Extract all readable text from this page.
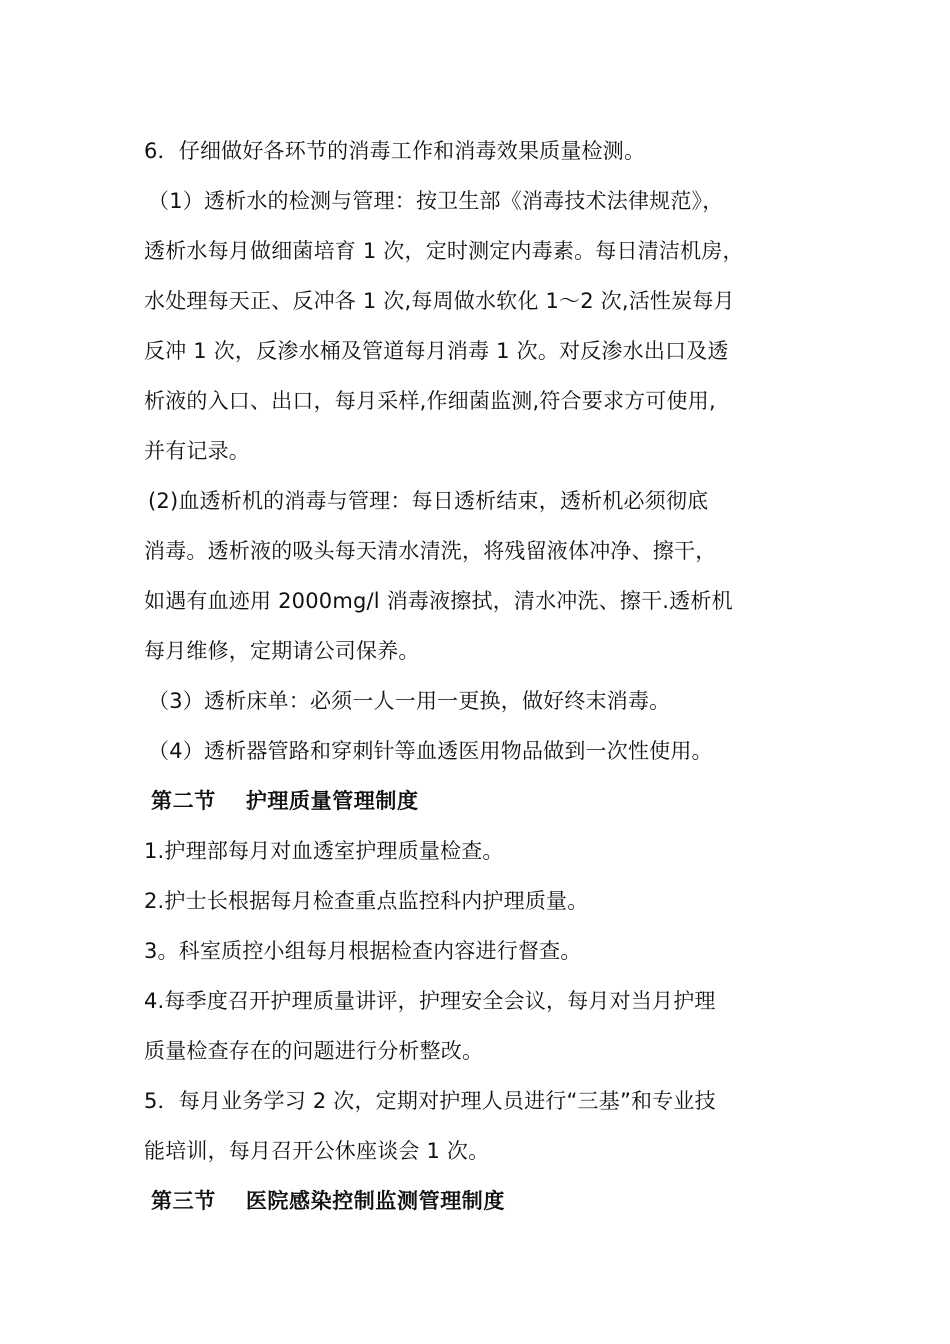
6．仔细做好各环节的消毒工作和消毒效果质量检测。
（1）透析水的检测与管理：按卫生部《消毒技术法律规范》，
透析水每月做细菌培育 1 次，定时测定内毒素。每日清洁机房，
水处理每天正、反冲各 1 次,每周做水软化 1～2 次,活性炭每月
反冲 1 次，反渗水桶及管道每月消毒 1 次。对反渗水出口及透
析液的入口、出口，每月采样,作细菌监测,符合要求方可使用,
并有记录。
(2)血透析机的消毒与管理：每日透析结束，透析机必须彻底
消毒。透析液的吸头每天清水清洗，将残留液体冲净、擦干，
如遇有血迹用 2000mg/l 消毒液擦拭，清水冲洗、擦干.透析机
每月维修，定期请公司保养。
（3）透析床单：必须一人一用一更换，做好终末消毒。
（4）透析器管路和穿刺针等血透医用物品做到一次性使用。
第二节 护理质量管理制度
1.护理部每月对血透室护理质量检查。
2.护士长根据每月检查重点监控科内护理质量。
3。科室质控小组每月根据检查内容进行督查。
4.每季度召开护理质量讲评，护理安全会议，每月对当月护理
质量检查存在的问题进行分析整改。
5．每月业务学习 2 次，定期对护理人员进行“三基”和专业技
能培训，每月召开公休座谈会 1 次。
第三节 医院感染控制监测管理制度
